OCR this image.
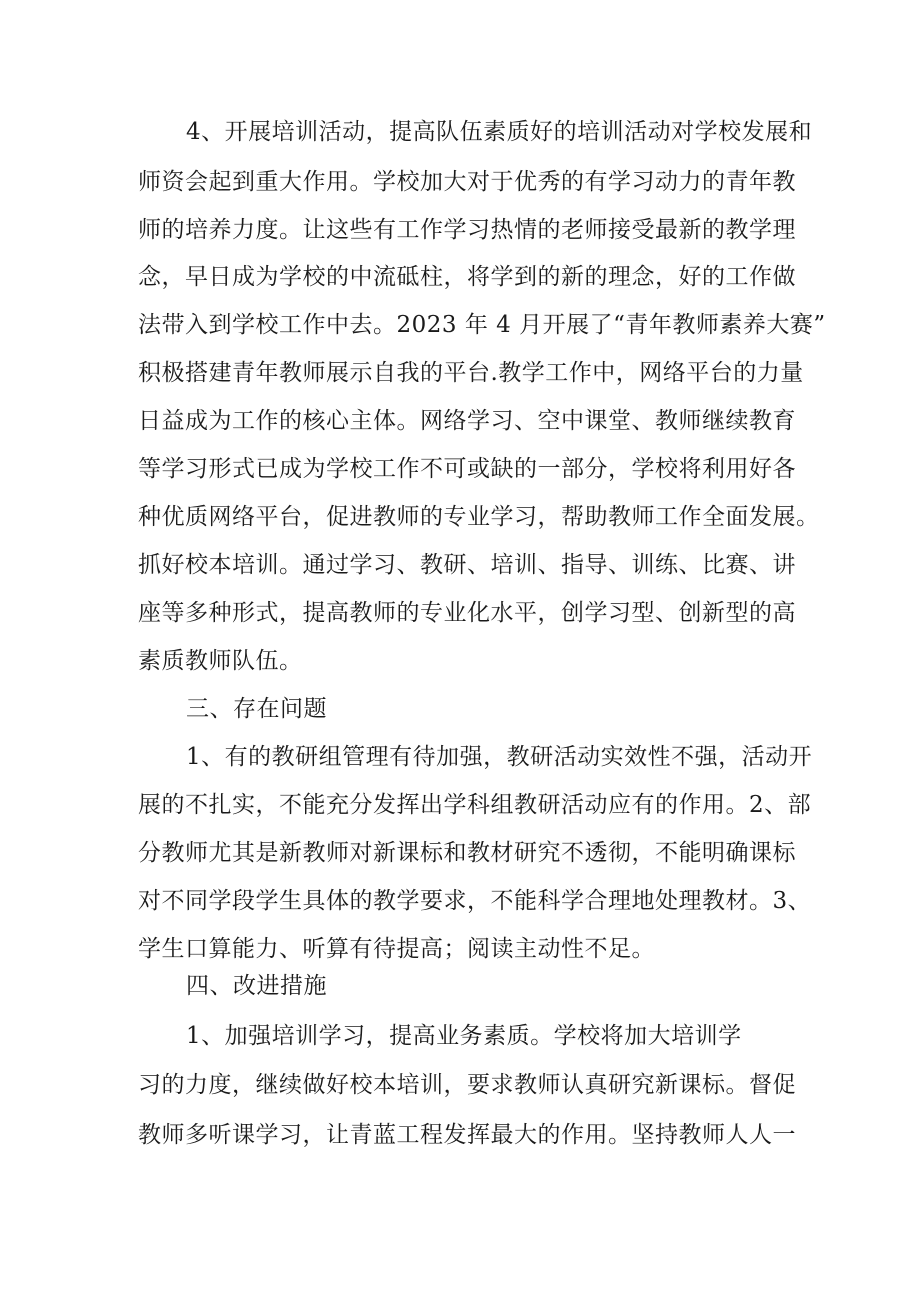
4、开展培训活动，提高队伍素质好的培训活动对学校发展和
师资会起到重大作用。学校加大对于优秀的有学习动力的青年教
师的培养力度。让这些有工作学习热情的老师接受最新的教学理
念，早日成为学校的中流砥柱，将学到的新的理念，好的工作做
法带入到学校工作中去。2023 年 4 月开展了“青年教师素养大赛”
积极搭建青年教师展示自我的平台.教学工作中，网络平台的力量
日益成为工作的核心主体。网络学习、空中课堂、教师继续教育
等学习形式已成为学校工作不可或缺的一部分，学校将利用好各
种优质网络平台，促进教师的专业学习，帮助教师工作全面发展。
抓好校本培训。通过学习、教研、培训、指导、训练、比赛、讲
座等多种形式，提高教师的专业化水平，创学习型、创新型的高
素质教师队伍。
三、存在问题
1、有的教研组管理有待加强，教研活动实效性不强，活动开
展的不扎实，不能充分发挥出学科组教研活动应有的作用。2、部
分教师尤其是新教师对新课标和教材研究不透彻，不能明确课标
对不同学段学生具体的教学要求，不能科学合理地处理教材。3、
学生口算能力、听算有待提高；阅读主动性不足。
四、改进措施
1、加强培训学习，提高业务素质。学校将加大培训学
习的力度，继续做好校本培训，要求教师认真研究新课标。督促
教师多听课学习，让青蓝工程发挥最大的作用。坚持教师人人一
